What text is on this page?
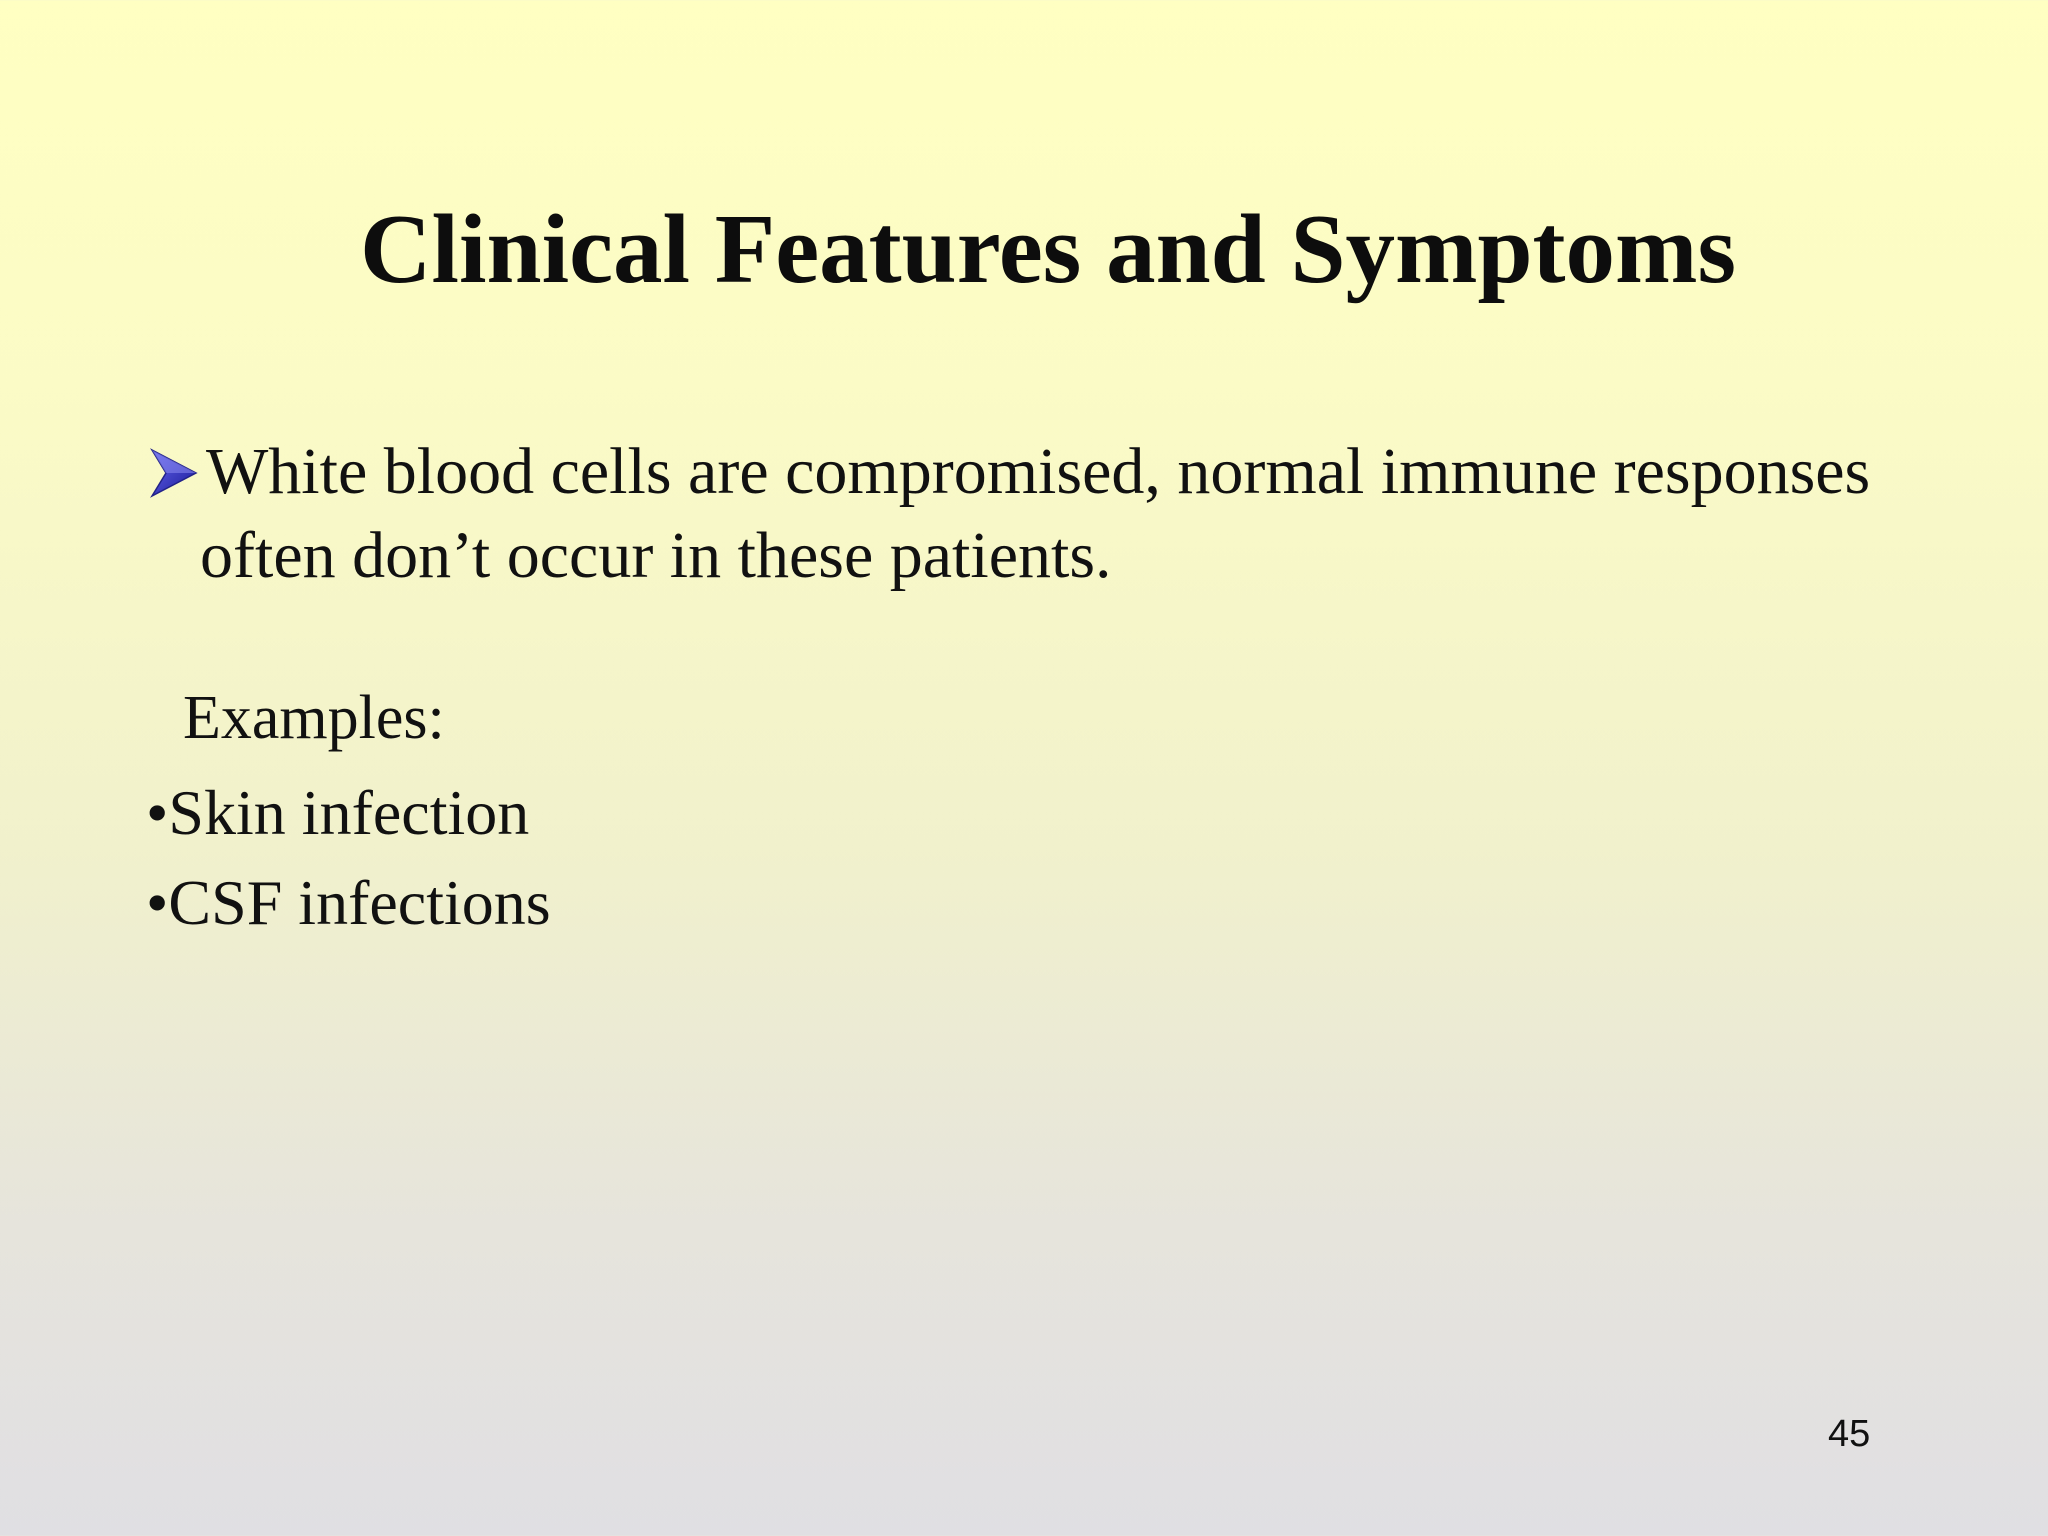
Clinical Features and Symptoms
White blood cells are compromised, normal immune responses
often don’t occur in these patients.
Examples:
•Skin infection
•CSF infections
45
